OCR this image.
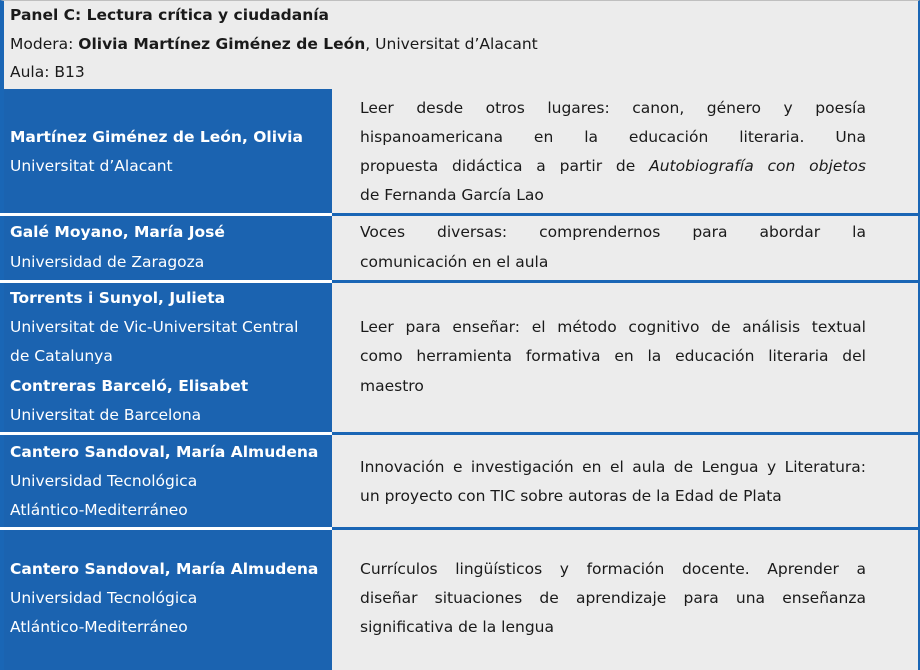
Panel C: Lectura crítica y ciudadanía
Modera: Olivia Martínez Giménez de León, Universitat d’Alacant
Aula: B13
Martínez Giménez de León, Olivia
Universitat d’Alacant
Leer desde otros lugares: canon, género y poesía
hispanoamericana en la educación literaria. Una
propuesta didáctica a partir de Autobiografía con objetos
de Fernanda García Lao
Galé Moyano, María José
Universidad de Zaragoza
Voces diversas: comprendernos para abordar la
comunicación en el aula
Torrents i Sunyol, Julieta
Universitat de Vic-Universitat Central
de Catalunya
Contreras Barceló, Elisabet
Universitat de Barcelona
Leer para enseñar: el método cognitivo de análisis textual
como herramienta formativa en la educación literaria del
maestro
Cantero Sandoval, María Almudena
Universidad Tecnológica
Atlántico-Mediterráneo
Innovación e investigación en el aula de Lengua y Literatura:
un proyecto con TIC sobre autoras de la Edad de Plata
Cantero Sandoval, María Almudena
Universidad Tecnológica
Atlántico-Mediterráneo
Currículos lingüísticos y formación docente. Aprender a
diseñar situaciones de aprendizaje para una enseñanza
significativa de la lengua
